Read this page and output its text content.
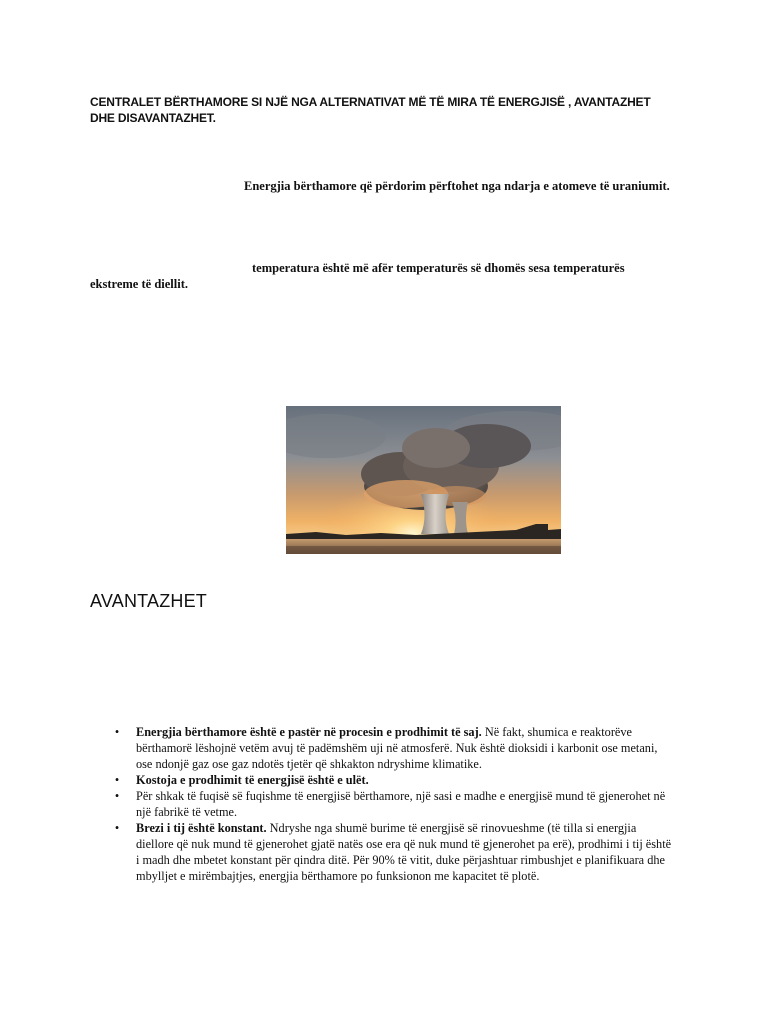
CENTRALET BËRTHAMORE SI NJË NGA ALTERNATIVAT MË TË MIRA TË ENERGJISË , AVANTAZHET DHE DISAVANTAZHET.

Energjia bërthamore që përdorim përftohet nga ndarja e atomeve të uraniumit.

temperatura është më afër temperaturës së dhomës sesa temperaturës ekstreme të diellit.

AVANTAZHET
• Energjia bërthamore është e pastër në procesin e prodhimit të saj. Në fakt, shumica e reaktorëve bërthamorë lëshojnë vetëm avuj të padëmshëm uji në atmosferë. Nuk është dioksidi i karbonit ose metani, ose ndonjë gaz ose gaz ndotës tjetër që shkakton ndryshime klimatike.
• Kostoja e prodhimit të energjisë është e ulët.
• Për shkak të fuqisë së fuqishme të energjisë bërthamore, një sasi e madhe e energjisë mund të gjenerohet në një fabrikë të vetme.
• Brezi i tij është konstant. Ndryshe nga shumë burime të energjisë së rinovueshme (të tilla si energjia diellore që nuk mund të gjenerohet gjatë natës ose era që nuk mund të gjenerohet pa erë), prodhimi i tij është i madh dhe mbetet konstant për qindra ditë. Për 90% të vitit, duke përjashtuar rimbushjet e planifikuara dhe mbylljet e mirëmbajtjes, energjia bërthamore po funksionon me kapacitet të plotë.
